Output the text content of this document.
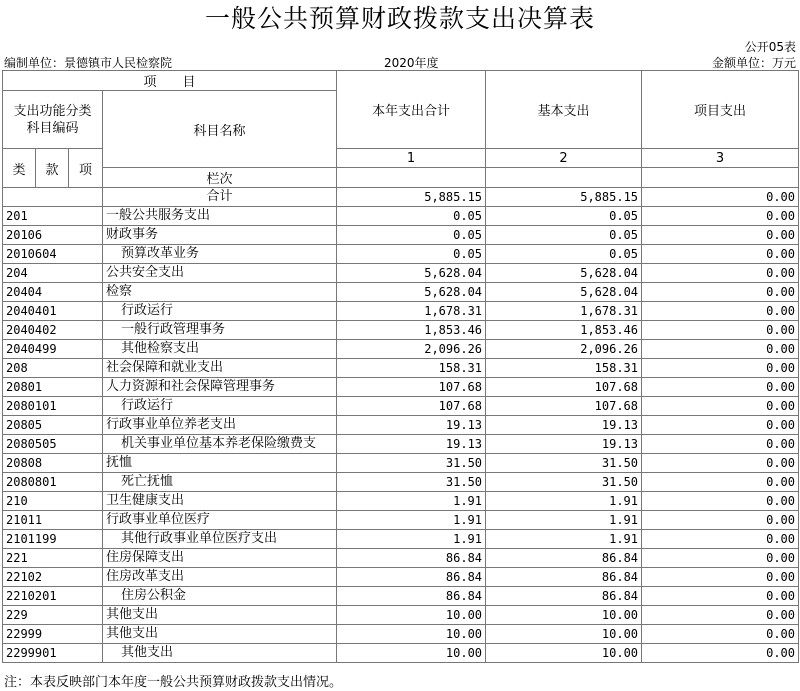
一般公共预算财政拨款支出决算表
公开05表
编制单位：景德镇市人民检察院	2020年度	金额单位：万元
项　　目				本年支出合计	基本支出	项目支出

支出功能分类
科目编码			科目名称			
类	款	项		1	2	3
			栏次			
			合计	5,885.15	5,885.15	0.00
201			一般公共服务支出	0.05	0.05	0.00
20106			财政事务	0.05	0.05	0.00
2010604			预算改革业务	0.05	0.05	0.00
204			公共安全支出	5,628.04	5,628.04	0.00
20404			检察	5,628.04	5,628.04	0.00
2040401			行政运行	1,678.31	1,678.31	0.00
2040402			一般行政管理事务	1,853.46	1,853.46	0.00
2040499			其他检察支出	2,096.26	2,096.26	0.00
208			社会保障和就业支出	158.31	158.31	0.00
20801			人力资源和社会保障管理事务	107.68	107.68	0.00
2080101			行政运行	107.68	107.68	0.00
20805			行政事业单位养老支出	19.13	19.13	0.00
2080505			机关事业单位基本养老保险缴费支	19.13	19.13	0.00
20808			抚恤	31.50	31.50	0.00
2080801			死亡抚恤	31.50	31.50	0.00
210			卫生健康支出	1.91	1.91	0.00
21011			行政事业单位医疗	1.91	1.91	0.00
2101199			其他行政事业单位医疗支出	1.91	1.91	0.00
221			住房保障支出	86.84	86.84	0.00
22102			住房改革支出	86.84	86.84	0.00
2210201			住房公积金	86.84	86.84	0.00
229			其他支出	10.00	10.00	0.00
22999			其他支出	10.00	10.00	0.00
2299901			其他支出	10.00	10.00	0.00
注：本表反映部门本年度一般公共预算财政拨款支出情况。
